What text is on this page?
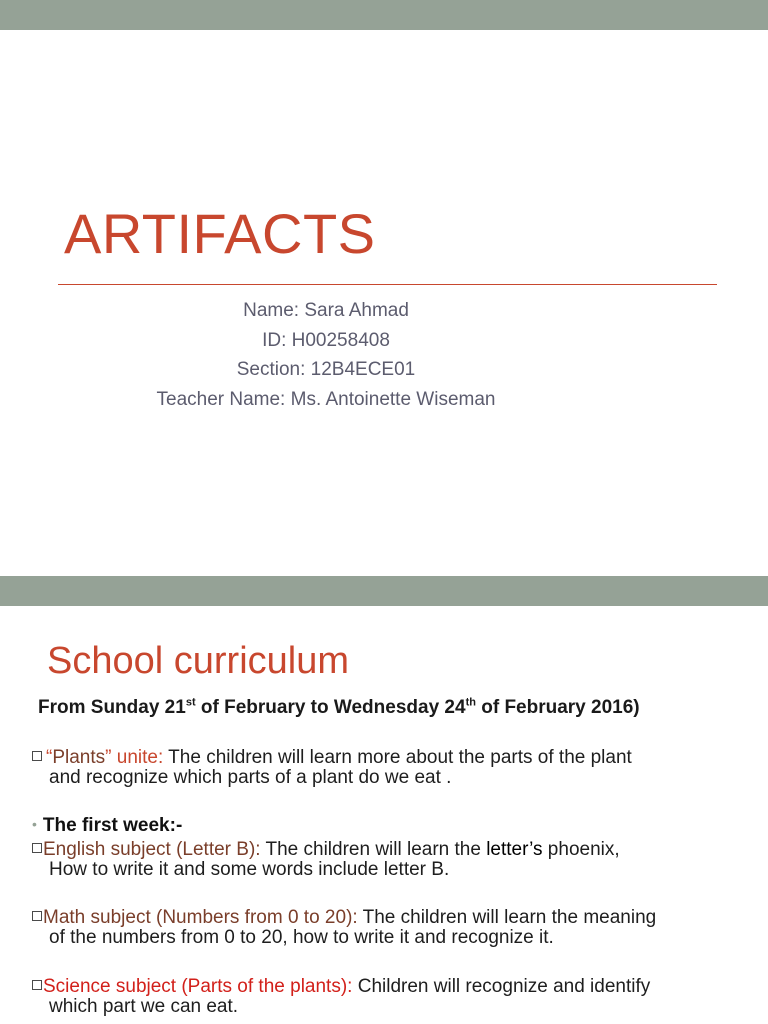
ARTIFACTS
Name: Sara Ahmad
ID: H00258408
Section: 12B4ECE01
Teacher Name: Ms. Antoinette Wiseman
School curriculum
From Sunday 21st of February to Wednesday 24th of February 2016)
“Plants” unite: The children will learn more about the parts of the plant
and recognize which parts of a plant do we eat .
• The first week:-
English subject (Letter B): The children will learn the letter’s phoenix,
How to write it and some words include letter B.
Math subject (Numbers from 0 to 20): The children will learn the meaning
of the numbers from 0 to 20, how to write it and recognize it.
Science subject (Parts of the plants): Children will recognize and identify
which part we can eat.
